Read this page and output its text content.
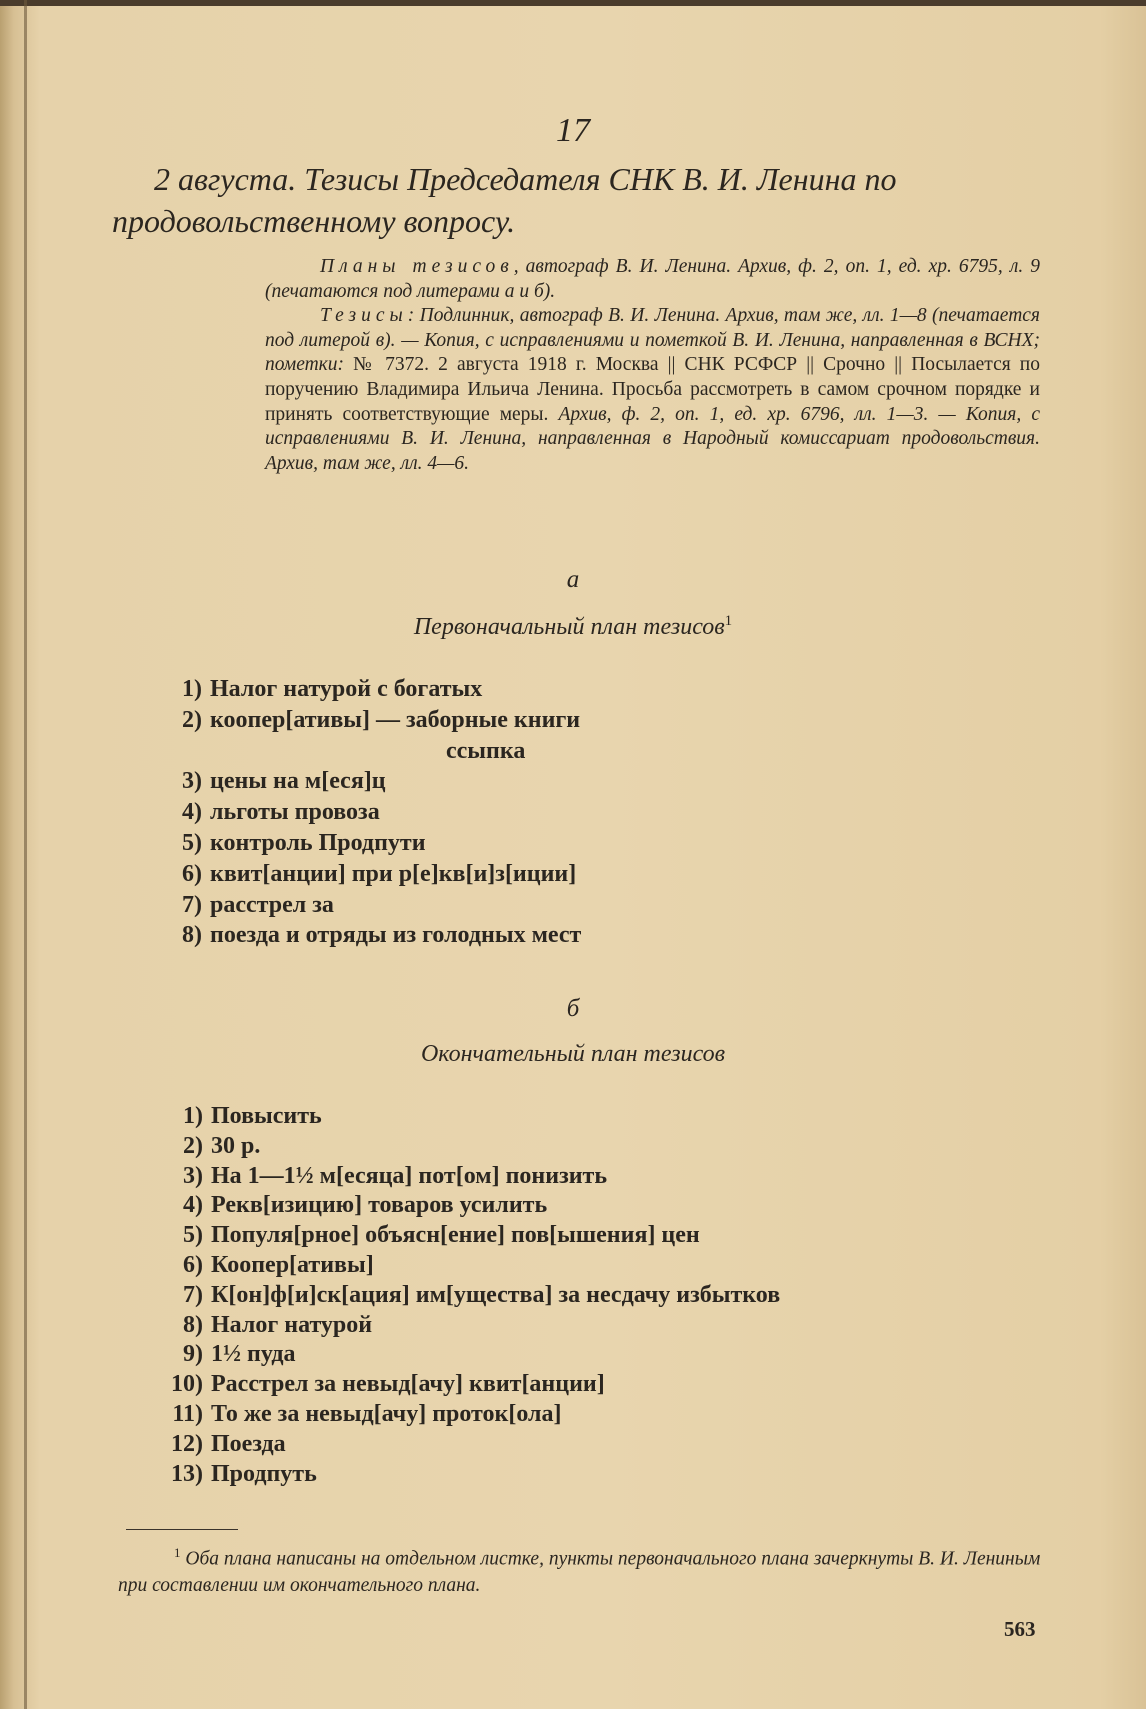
17
2 августа. Тезисы Председателя СНК В. И. Ленина по продовольственному вопросу.

Планы тезисов, автограф В. И. Ленина. Архив, ф. 2, оп. 1, ед. хр. 6795, л. 9 (печатаются под литерами а и б).

Тезисы: Подлинник, автограф В. И. Ленина. Архив, там же, лл. 1—8 (печатается под литерой в). — Копия, с исправлениями и пометкой В. И. Ленина, направленная в ВСНХ; пометки: № 7372. 2 августа 1918 г. Москва || СНК РСФСР || Срочно || Посылается по поручению Владимира Ильича Ленина. Просьба рассмотреть в самом срочном порядке и принять соответствующие меры. Архив, ф. 2, оп. 1, ед. хр. 6796, лл. 1—3. — Копия, с исправлениями В. И. Ленина, направленная в Народный комиссариат продовольствия. Архив, там же, лл. 4—6.

а
Первоначальный план тезисов$^1$
1) Налог натурой с богатых
2) коопер[ативы] — заборные книги
ссыпка
3) цены на м[еся]ц
4) льготы провоза
5) контроль Продпути
6) квит[анции] при р[е]кв[и]з[иции]
7) расстрел за
8) поезда и отряды из голодных мест
б
Окончательный план тезисов
1) Повысить
2) 30 р.
3) На 1—1½ м[есяца] пот[ом] понизить
4) Рекв[изицию] товаров усилить
5) Популя[рное] объясн[ение] пов[ышения] цен
6) Коопер[ативы]
7) К[он]ф[и]ск[ация] им[ущества] за несдачу избытков
8) Налог натурой
9) 1½ пуда
10) Расстрел за невыд[ачу] квит[анции]
11) То же за невыд[ачу] проток[ола]
12) Поезда
13) Продпуть

$^1$ Оба плана написаны на отдельном листке, пункты первоначального плана зачеркнуты В. И. Лениным при составлении им окончательного плана.

563
